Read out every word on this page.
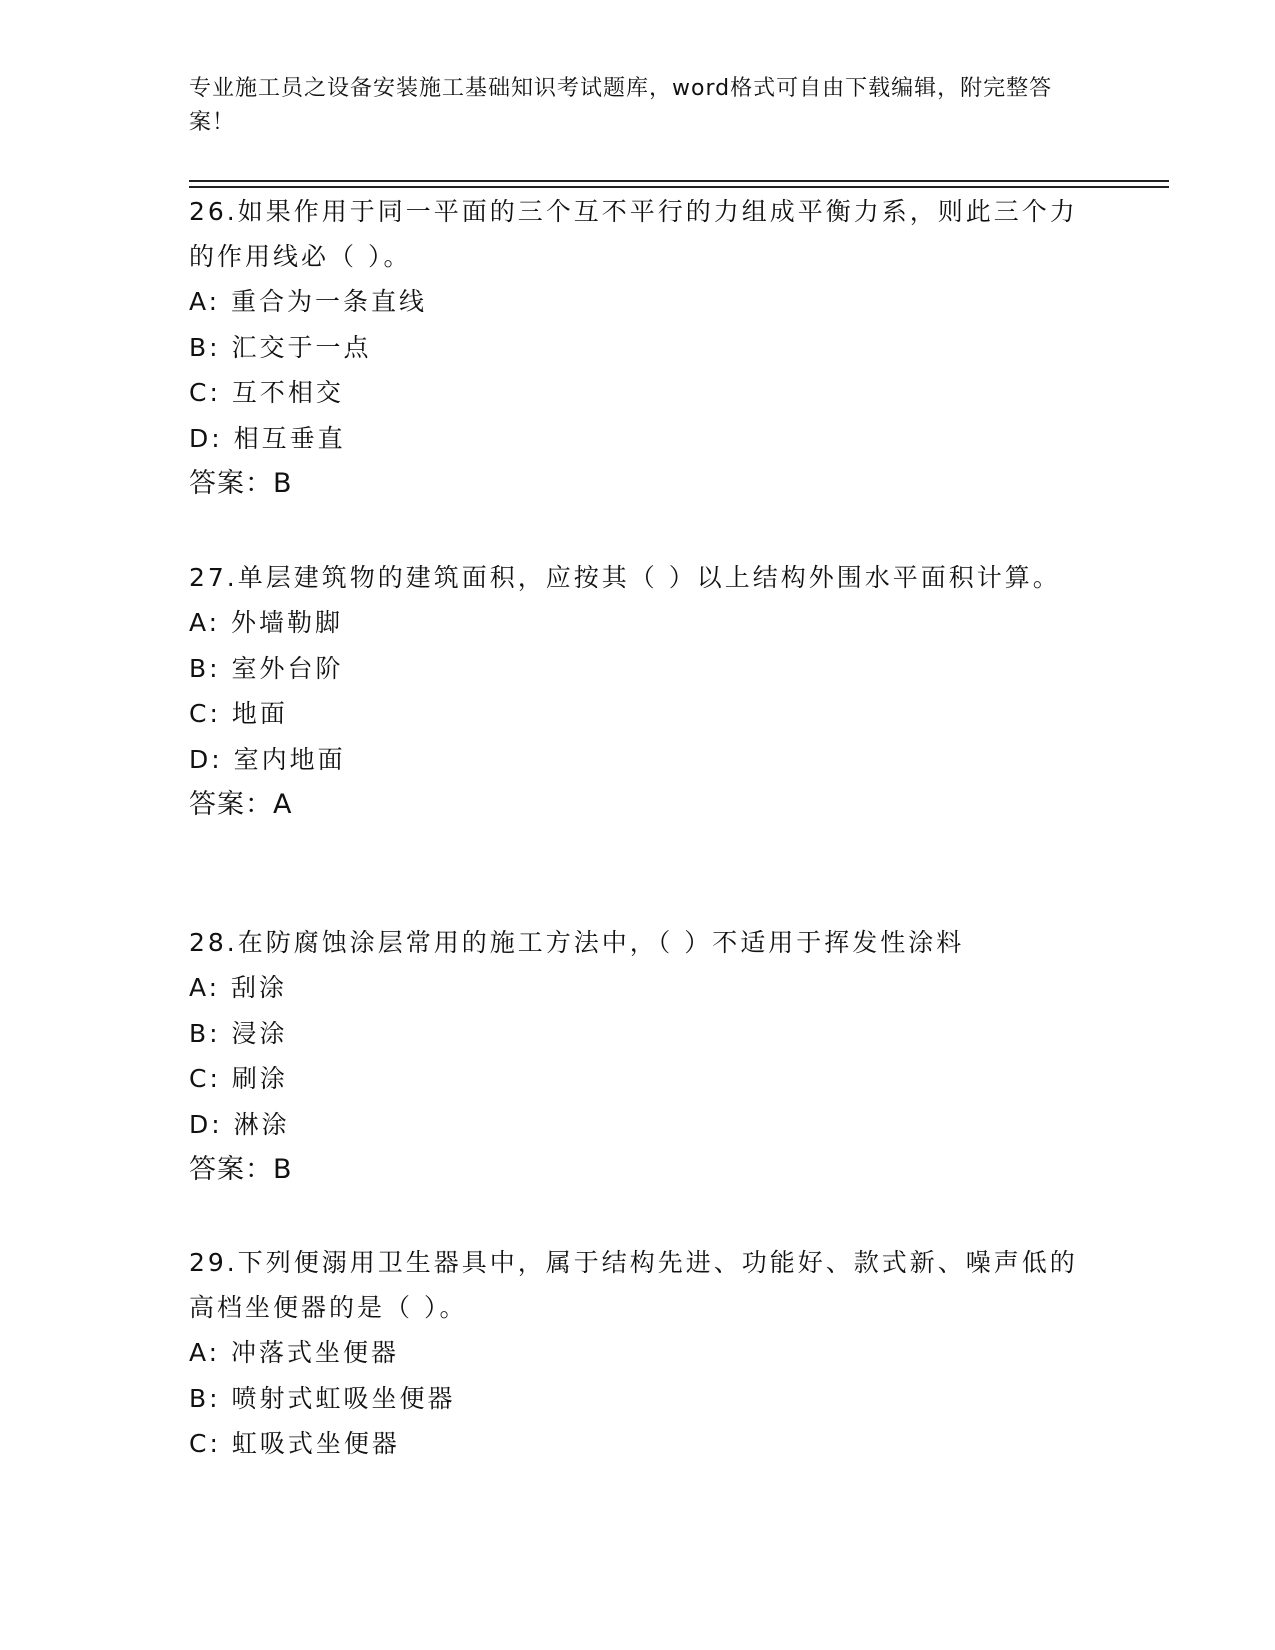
专业施工员之设备安装施工基础知识考试题库，word格式可自由下载编辑，附完整答案！

26.如果作用于同一平面的三个互不平行的力组成平衡力系，则此三个力的作用线必（ ）。

A: 重合为一条直线

B: 汇交于一点

C: 互不相交

D: 相互垂直

答案：B

27.单层建筑物的建筑面积，应按其（ ）以上结构外围水平面积计算。

A: 外墙勒脚

B: 室外台阶

C: 地面

D: 室内地面

答案：A

28.在防腐蚀涂层常用的施工方法中，（ ）不适用于挥发性涂料

A: 刮涂

B: 浸涂

C: 刷涂

D: 淋涂

答案：B

29.下列便溺用卫生器具中，属于结构先进、功能好、款式新、噪声低的高档坐便器的是（ ）。

A: 冲落式坐便器

B: 喷射式虹吸坐便器

C: 虹吸式坐便器
